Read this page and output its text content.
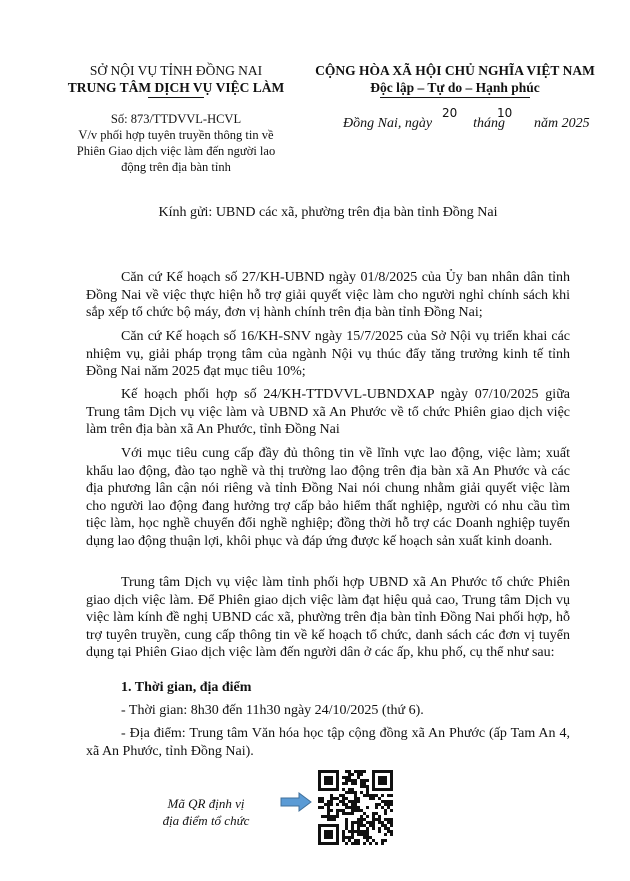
SỞ NỘI VỤ TỈNH ĐỒNG NAI
TRUNG TÂM DỊCH VỤ VIỆC LÀM
Số: 873/TTDVVL-HCVL
V/v phối hợp tuyên truyền thông tin về
Phiên Giao dịch việc làm đến người lao
động trên địa bàn tỉnh
CỘNG HÒA XÃ HỘI CHỦ NGHĨA VIỆT NAM
Độc lập – Tự do – Hạnh phúc
Đồng Nai, ngày	tháng năm 2025
20	10
Kính gửi: UBND các xã, phường trên địa bàn tỉnh Đồng Nai
Căn cứ Kế hoạch số 27/KH-UBND ngày 01/8/2025 của Ủy ban nhân dân tỉnh Đồng Nai về việc thực hiện hỗ trợ giải quyết việc làm cho người nghỉ chính sách khi sắp xếp tổ chức bộ máy, đơn vị hành chính trên địa bàn tỉnh Đồng Nai;
Căn cứ Kế hoạch số 16/KH-SNV ngày 15/7/2025 của Sở Nội vụ triển khai các nhiệm vụ, giải pháp trọng tâm của ngành Nội vụ thúc đẩy tăng trưởng kinh tế tỉnh Đồng Nai năm 2025 đạt mục tiêu 10%;
Kế hoạch phối hợp số 24/KH-TTDVVL-UBNDXAP ngày 07/10/2025 giữa Trung tâm Dịch vụ việc làm và UBND xã An Phước về tổ chức Phiên giao dịch việc làm trên địa bàn xã An Phước, tỉnh Đồng Nai
Với mục tiêu cung cấp đầy đủ thông tin về lĩnh vực lao động, việc làm; xuất khẩu lao động, đào tạo nghề và thị trường lao động trên địa bàn xã An Phước và các địa phương lân cận nói riêng và tỉnh Đồng Nai nói chung nhằm giải quyết việc làm cho người lao động đang hưởng trợ cấp bảo hiểm thất nghiệp, người có nhu cầu tìm tiệc làm, học nghề chuyển đổi nghề nghiệp; đồng thời hỗ trợ các Doanh nghiệp tuyển dụng lao động thuận lợi, khôi phục và đáp ứng được kế hoạch sản xuất kinh doanh.
Trung tâm Dịch vụ việc làm tỉnh phối hợp UBND xã An Phước tổ chức Phiên giao dịch việc làm. Để Phiên giao dịch việc làm đạt hiệu quả cao, Trung tâm Dịch vụ việc làm kính đề nghị UBND các xã, phường trên địa bàn tỉnh Đồng Nai phối hợp, hỗ trợ tuyên truyền, cung cấp thông tin về kế hoạch tổ chức, danh sách các đơn vị tuyển dụng tại Phiên Giao dịch việc làm đến người dân ở các ấp, khu phố, cụ thể như sau:
1. Thời gian, địa điểm
- Thời gian: 8h30 đến 11h30 ngày 24/10/2025 (thứ 6).
- Địa điểm: Trung tâm Văn hóa học tập cộng đồng xã An Phước (ấp Tam An 4, xã An Phước, tỉnh Đồng Nai).
Mã QR định vị
địa điểm tổ chức
